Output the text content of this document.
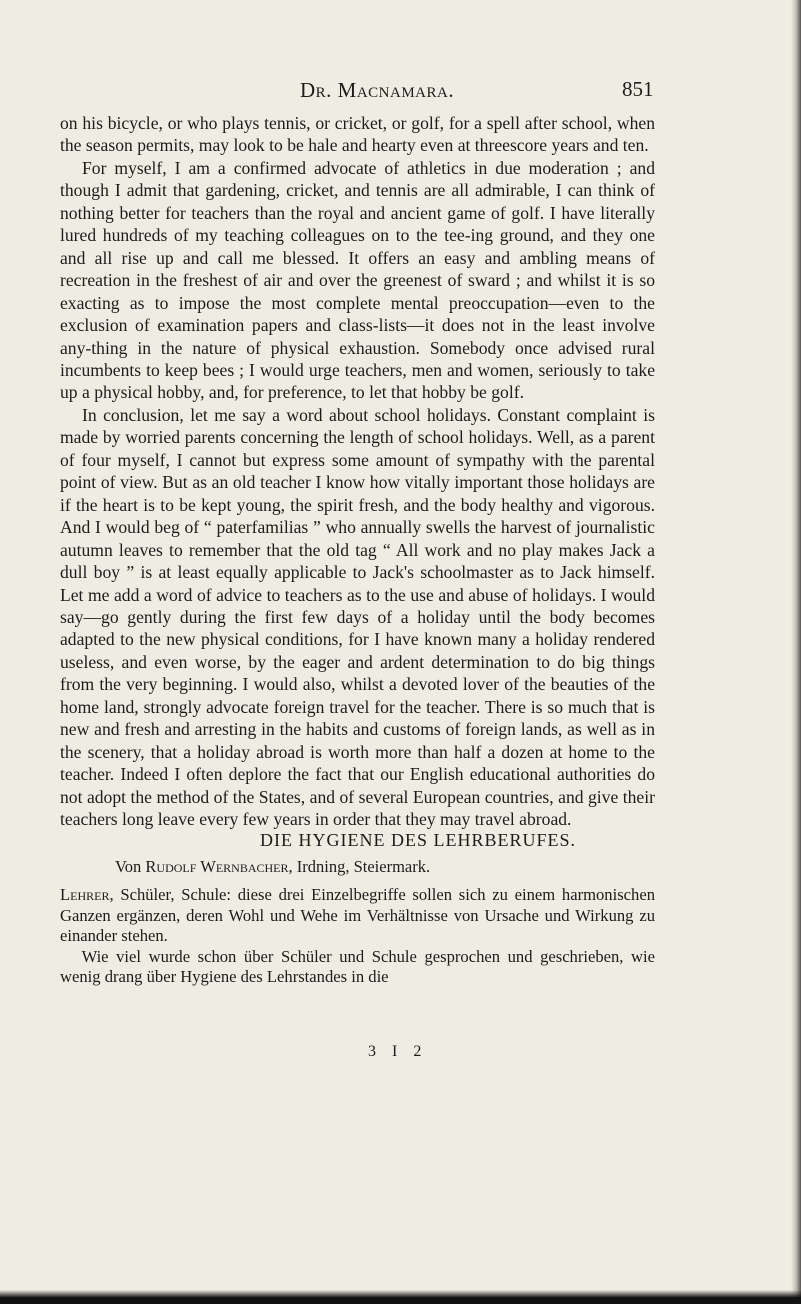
Dr. Macnamara.	851

on his bicycle, or who plays tennis, or cricket, or golf, for a spell after school, when the season permits, may look to be hale and hearty even at threescore years and ten.

For myself, I am a confirmed advocate of athletics in due moderation ; and though I admit that gardening, cricket, and tennis are all admirable, I can think of nothing better for teachers than the royal and ancient game of golf. I have literally lured hundreds of my teaching colleagues on to the tee-ing ground, and they one and all rise up and call me blessed. It offers an easy and ambling means of recreation in the freshest of air and over the greenest of sward ; and whilst it is so exacting as to impose the most complete mental preoccupation—even to the exclusion of examination papers and class-lists—it does not in the least involve any-thing in the nature of physical exhaustion. Somebody once advised rural incumbents to keep bees ; I would urge teachers, men and women, seriously to take up a physical hobby, and, for preference, to let that hobby be golf.

In conclusion, let me say a word about school holidays. Constant complaint is made by worried parents concerning the length of school holidays. Well, as a parent of four myself, I cannot but express some amount of sympathy with the parental point of view. But as an old teacher I know how vitally important those holidays are if the heart is to be kept young, the spirit fresh, and the body healthy and vigorous. And I would beg of “ paterfamilias ” who annually swells the harvest of journalistic autumn leaves to remember that the old tag “ All work and no play makes Jack a dull boy ” is at least equally applicable to Jack's schoolmaster as to Jack himself. Let me add a word of advice to teachers as to the use and abuse of holidays. I would say—go gently during the first few days of a holiday until the body becomes adapted to the new physical conditions, for I have known many a holiday rendered useless, and even worse, by the eager and ardent determination to do big things from the very beginning. I would also, whilst a devoted lover of the beauties of the home land, strongly advocate foreign travel for the teacher. There is so much that is new and fresh and arresting in the habits and customs of foreign lands, as well as in the scenery, that a holiday abroad is worth more than half a dozen at home to the teacher. Indeed I often deplore the fact that our English educational authorities do not adopt the method of the States, and of several European countries, and give their teachers long leave every few years in order that they may travel abroad.

DIE HYGIENE DES LEHRBERUFES.
Von Rudolf Wernbacher, Irdning, Steiermark.

Lehrer, Schüler, Schule: diese drei Einzelbegriffe sollen sich zu einem harmonischen Ganzen ergänzen, deren Wohl und Wehe im Verhältnisse von Ursache und Wirkung zu einander stehen.

Wie viel wurde schon über Schüler und Schule gesprochen und geschrieben, wie wenig drang über Hygiene des Lehrstandes in die

3 I 2
